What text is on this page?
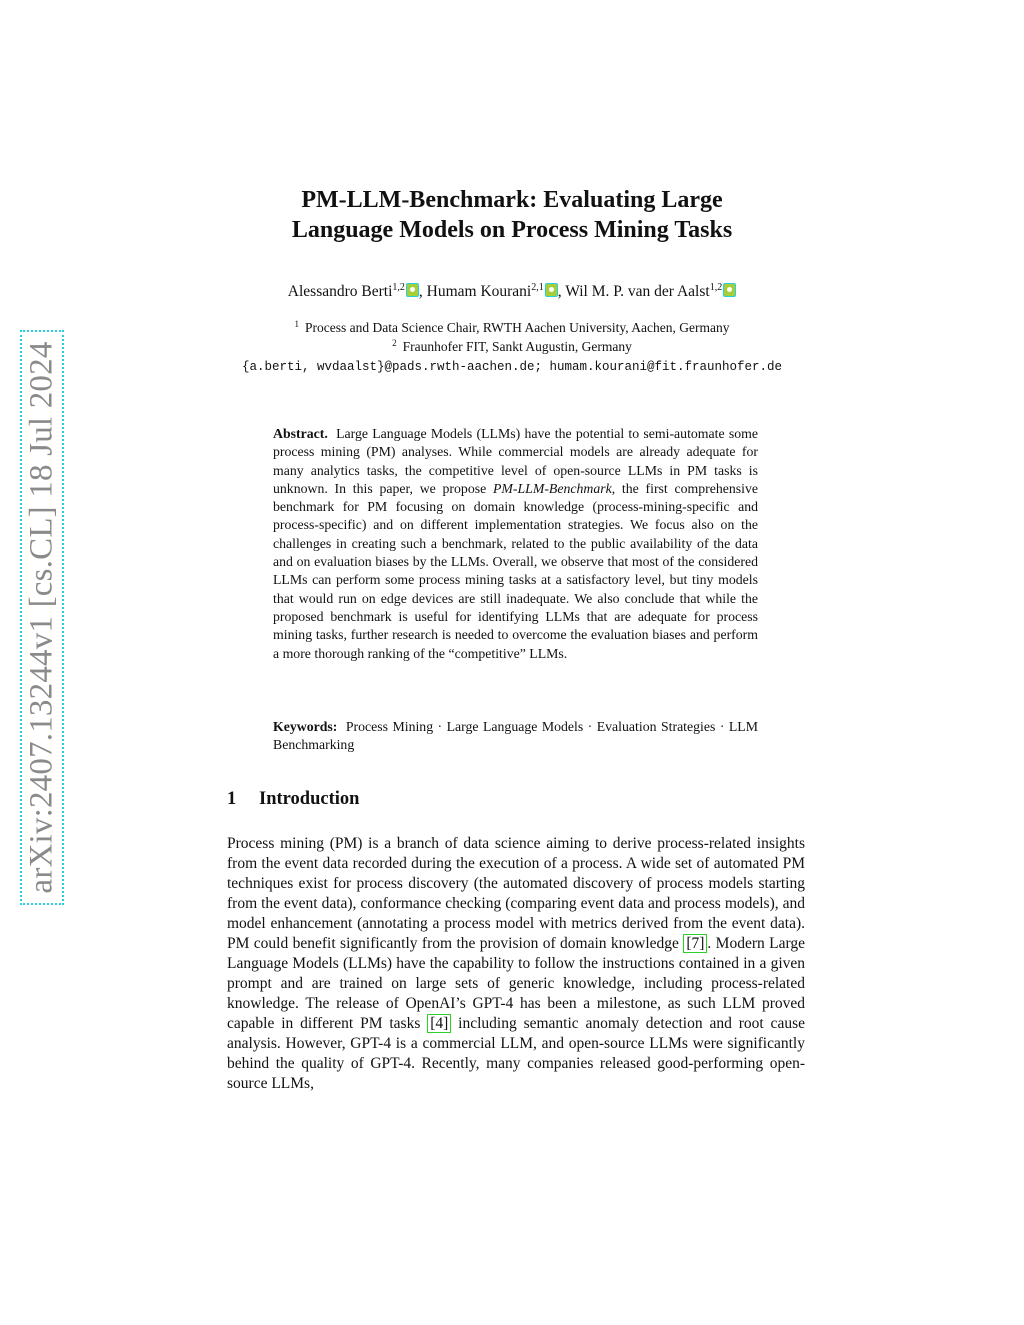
arXiv:2407.13244v1 [cs.CL] 18 Jul 2024
PM-LLM-Benchmark: Evaluating Large
Language Models on Process Mining Tasks
Alessandro Berti$^{1,2}$ , Humam Kourani$^{2,1}$ , Wil M. P. van der Aalst$^{1,2}$
$^1$ Process and Data Science Chair, RWTH Aachen University, Aachen, Germany
$^2$ Fraunhofer FIT, Sankt Augustin, Germany
{a.berti, wvdaalst}@pads.rwth-aachen.de; humam.kourani@fit.fraunhofer.de
Abstract. Large Language Models (LLMs) have the potential to semi-automate some process mining (PM) analyses. While commercial models are already adequate for many analytics tasks, the competitive level of open-source LLMs in PM tasks is unknown. In this paper, we propose PM-LLM-Benchmark, the first comprehensive benchmark for PM focusing on domain knowledge (process-mining-specific and process-specific) and on different implementation strategies. We focus also on the challenges in creating such a benchmark, related to the public availability of the data and on evaluation biases by the LLMs. Overall, we observe that most of the considered LLMs can perform some process mining tasks at a satisfactory level, but tiny models that would run on edge devices are still inadequate. We also conclude that while the proposed benchmark is useful for identifying LLMs that are adequate for process mining tasks, further research is needed to overcome the evaluation biases and perform a more thorough ranking of the “competitive” LLMs.
Keywords: Process Mining · Large Language Models · Evaluation Strategies · LLM Benchmarking
1 Introduction
Process mining (PM) is a branch of data science aiming to derive process-related insights from the event data recorded during the execution of a process. A wide set of automated PM techniques exist for process discovery (the automated discovery of process models starting from the event data), conformance checking (comparing event data and process models), and model enhancement (annotating a process model with metrics derived from the event data). PM could benefit significantly from the provision of domain knowledge [7] . Modern Large Language Models (LLMs) have the capability to follow the instructions contained in a given prompt and are trained on large sets of generic knowledge, including process-related knowledge. The release of OpenAI’s GPT-4 has been a milestone, as such LLM proved capable in different PM tasks [4] including semantic anomaly detection and root cause analysis. However, GPT-4 is a commercial LLM, and open-source LLMs were significantly behind the quality of GPT-4. Recently, many companies released good-performing open-source LLMs,
